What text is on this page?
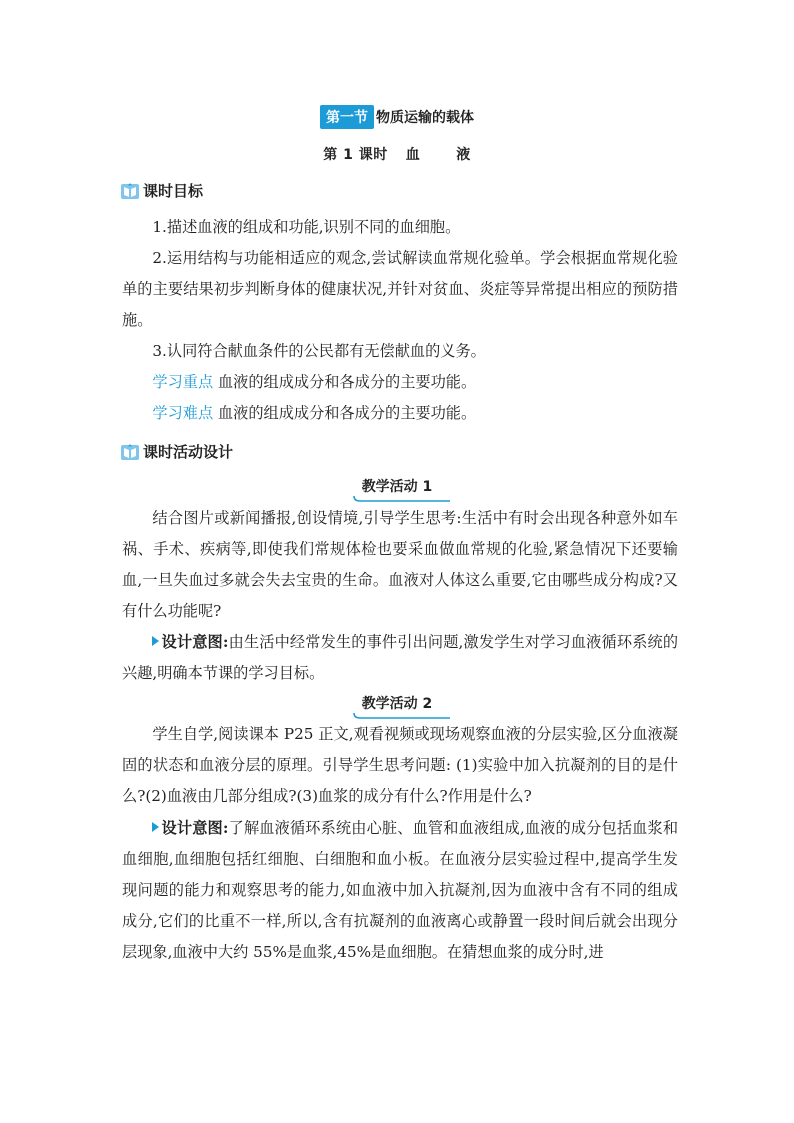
第一节 物质运输的载体
第 1 课时 血	液
课时目标

1.描述血液的组成和功能,识别不同的血细胞。

2.运用结构与功能相适应的观念,尝试解读血常规化验单。学会根据血常规化验单的主要结果初步判断身体的健康状况,并针对贫血、炎症等异常提出相应的预防措施。

3.认同符合献血条件的公民都有无偿献血的义务。

学习重点 血液的组成成分和各成分的主要功能。

学习难点 血液的组成成分和各成分的主要功能。

课时活动设计
教学活动 1

结合图片或新闻播报,创设情境,引导学生思考:生活中有时会出现各种意外如车祸、手术、疾病等,即使我们常规体检也要采血做血常规的化验,紧急情况下还要输血,一旦失血过多就会失去宝贵的生命。血液对人体这么重要,它由哪些成分构成?又有什么功能呢?

设计意图:由生活中经常发生的事件引出问题,激发学生对学习血液循环系统的兴趣,明确本节课的学习目标。

教学活动 2

学生自学,阅读课本 P25 正文,观看视频或现场观察血液的分层实验,区分血液凝固的状态和血液分层的原理。引导学生思考问题: (1)实验中加入抗凝剂的目的是什么?(2)血液由几部分组成?(3)血浆的成分有什么?作用是什么?

设计意图:了解血液循环系统由心脏、血管和血液组成,血液的成分包括血浆和血细胞,血细胞包括红细胞、白细胞和血小板。在血液分层实验过程中,提高学生发现问题的能力和观察思考的能力,如血液中加入抗凝剂,因为血液中含有不同的组成成分,它们的比重不一样,所以,含有抗凝剂的血液离心或静置一段时间后就会出现分层现象,血液中大约 55%是血浆,45%是血细胞。在猜想血浆的成分时,进
